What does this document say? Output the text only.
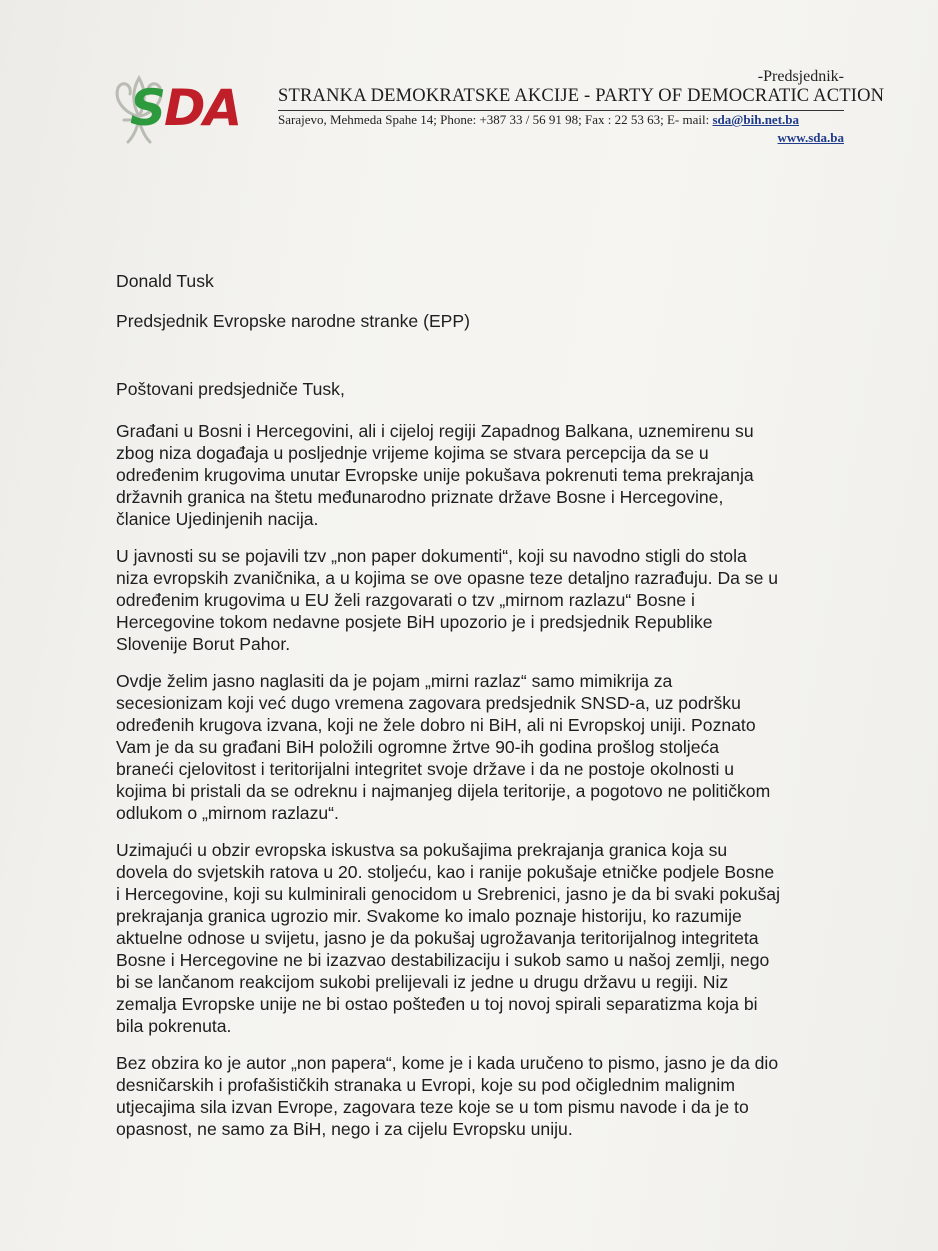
SDA
-Predsjednik-
STRANKA DEMOKRATSKE AKCIJE - PARTY OF DEMOCRATIC ACTION
Sarajevo, Mehmeda Spahe 14; Phone: +387 33 / 56 91 98; Fax : 22 53 63; E- mail: sda@bih.net.ba
www.sda.ba
Donald Tusk
Predsjednik Evropske narodne stranke (EPP)
Poštovani predsjedniče Tusk,
Građani u Bosni i Hercegovini, ali i cijeloj regiji Zapadnog Balkana, uznemirenu su
zbog niza događaja u posljednje vrijeme kojima se stvara percepcija da se u
određenim krugovima unutar Evropske unije pokušava pokrenuti tema prekrajanja
državnih granica na štetu međunarodno priznate države Bosne i Hercegovine,
članice Ujedinjenih nacija.
U javnosti su se pojavili tzv „non paper dokumenti“, koji su navodno stigli do stola
niza evropskih zvaničnika, a u kojima se ove opasne teze detaljno razrađuju. Da se u
određenim krugovima u EU želi razgovarati o tzv „mirnom razlazu“ Bosne i
Hercegovine tokom nedavne posjete BiH upozorio je i predsjednik Republike
Slovenije Borut Pahor.
Ovdje želim jasno naglasiti da je pojam „mirni razlaz“ samo mimikrija za
secesionizam koji već dugo vremena zagovara predsjednik SNSD-a, uz podršku
određenih krugova izvana, koji ne žele dobro ni BiH, ali ni Evropskoj uniji. Poznato
Vam je da su građani BiH položili ogromne žrtve 90-ih godina prošlog stoljeća
braneći cjelovitost i teritorijalni integritet svoje države i da ne postoje okolnosti u
kojima bi pristali da se odreknu i najmanjeg dijela teritorije, a pogotovo ne političkom
odlukom o „mirnom razlazu“.
Uzimajući u obzir evropska iskustva sa pokušajima prekrajanja granica koja su
dovela do svjetskih ratova u 20. stoljeću, kao i ranije pokušaje etničke podjele Bosne
i Hercegovine, koji su kulminirali genocidom u Srebrenici, jasno je da bi svaki pokušaj
prekrajanja granica ugrozio mir. Svakome ko imalo poznaje historiju, ko razumije
aktuelne odnose u svijetu, jasno je da pokušaj ugrožavanja teritorijalnog integriteta
Bosne i Hercegovine ne bi izazvao destabilizaciju i sukob samo u našoj zemlji, nego
bi se lančanom reakcijom sukobi prelijevali iz jedne u drugu državu u regiji. Niz
zemalja Evropske unije ne bi ostao pošteđen u toj novoj spirali separatizma koja bi
bila pokrenuta.
Bez obzira ko je autor „non papera“, kome je i kada uručeno to pismo, jasno je da dio
desničarskih i profašističkih stranaka u Evropi, koje su pod očiglednim malignim
utjecajima sila izvan Evrope, zagovara teze koje se u tom pismu navode i da je to
opasnost, ne samo za BiH, nego i za cijelu Evropsku uniju.
